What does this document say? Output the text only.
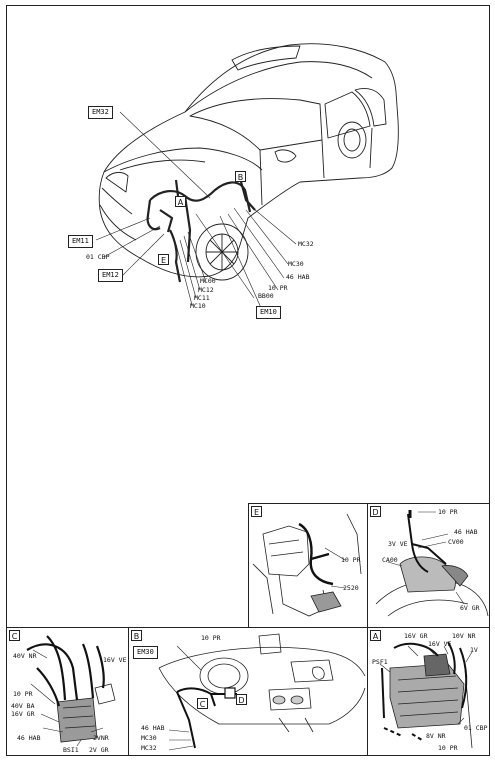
EM32
A
B
E
EM11
01 CBP
EM12
MC32
MC30
46 HAB
10 PR
BB00
MC00
MC12
MC11
MC10
EM10
E
10 PR
2520
D	10 PR
46 HAB
3V VE	CV00
CA00
6V GR
C
40V NR	16V VE
10 PR
40V BA
16V GR
46 HAB	2VNR
BSI1 2V GR
B
EM30
10 PR
C	D
46 HAB
MC30
MC32
A	16V GR
16V VE
10V NR
1V
PSF1
01 CBP
8V NR
10 PR
